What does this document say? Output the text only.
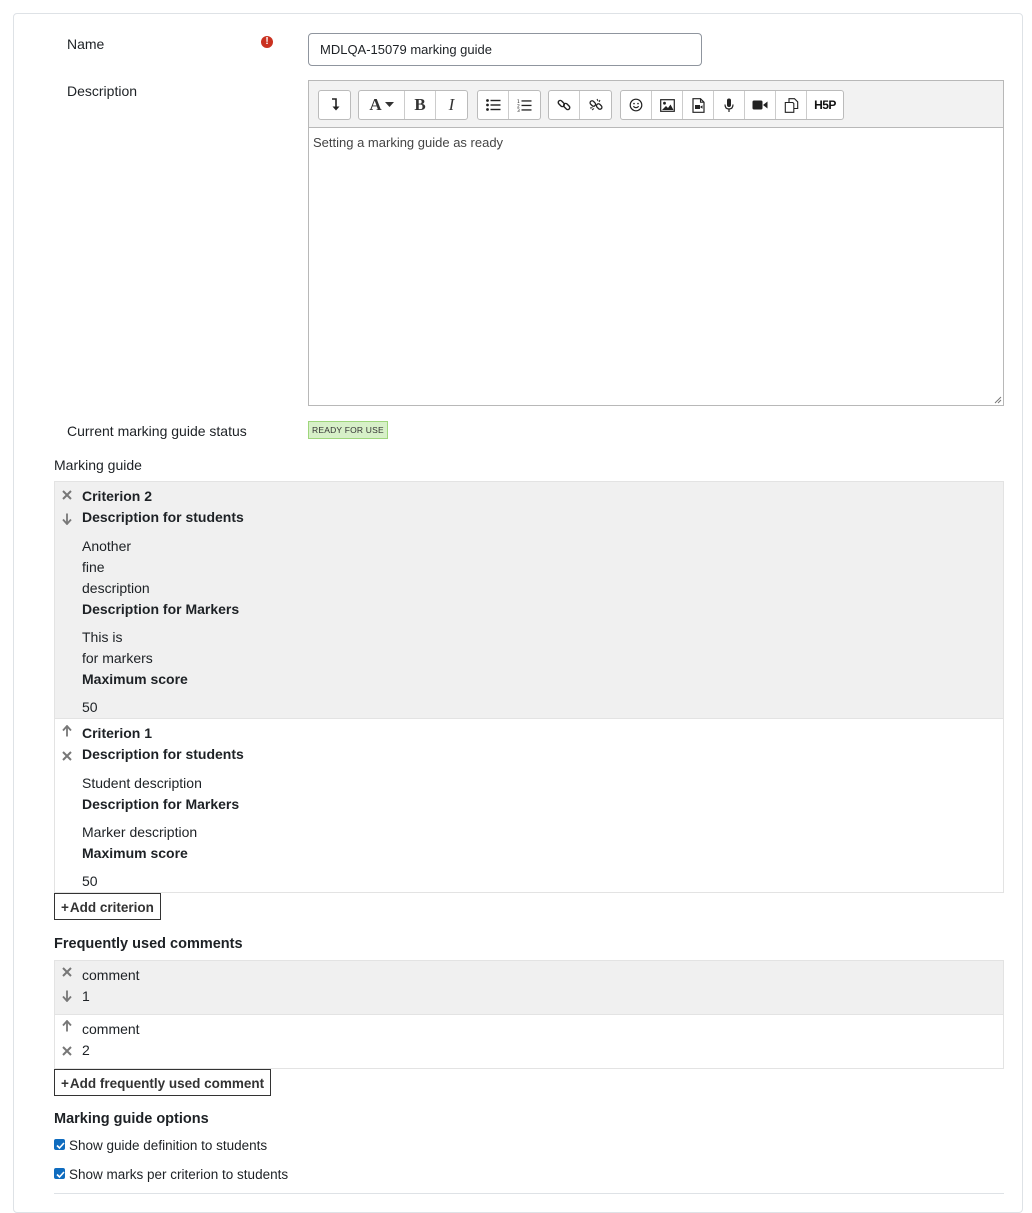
Name	!
MDLQA-15079 marking guide
Description
A B I	1
2
3	H5P
Setting a marking guide as ready
Current marking guide status	READY FOR USE
Marking guide
Criterion 2
Description for students
Another
fine
description
Description for Markers
This is
for markers
Maximum score
50
Criterion 1
Description for students
Student description
Description for Markers
Marker description
Maximum score
50
+Add criterion
Frequently used comments
comment
1
comment
2
+Add frequently used comment
Marking guide options
Show guide definition to students
Show marks per criterion to students
